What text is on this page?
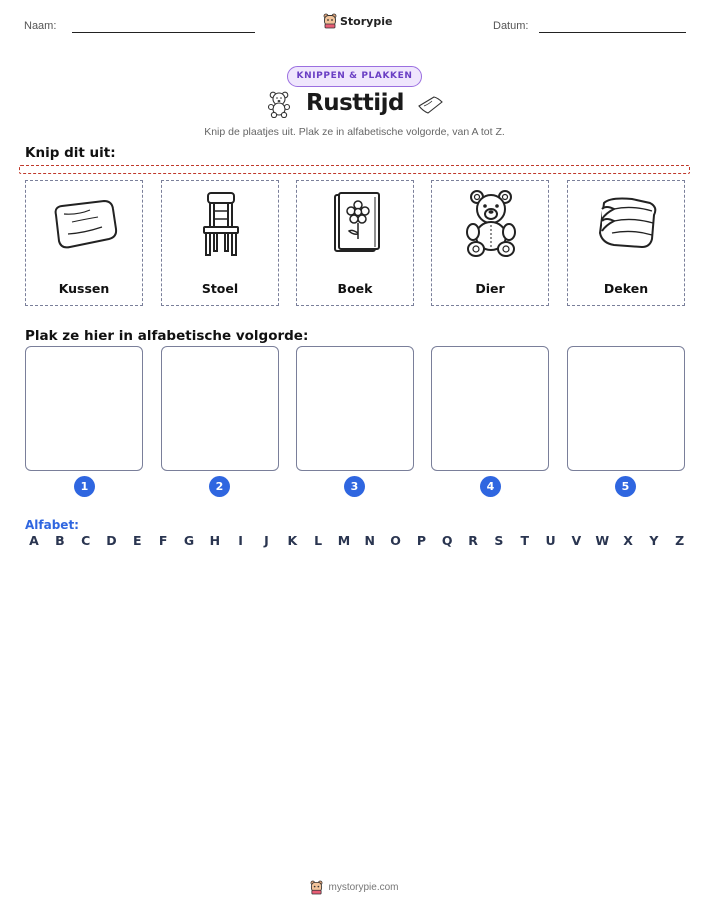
Naam:	Storypie	Datum:
KNIPPEN & PLAKKEN
Rusttijd
Knip de plaatjes uit. Plak ze in alfabetische volgorde, van A tot Z.
Knip dit uit:
Kussen	Stoel	Boek	Dier	Deken
Plak ze hier in alfabetische volgorde:
1	2	3	4	5
Alfabet:
A B C D E F G H	I	J	K L M N O P Q R S T U V W X Y Z
mystorypie.com
